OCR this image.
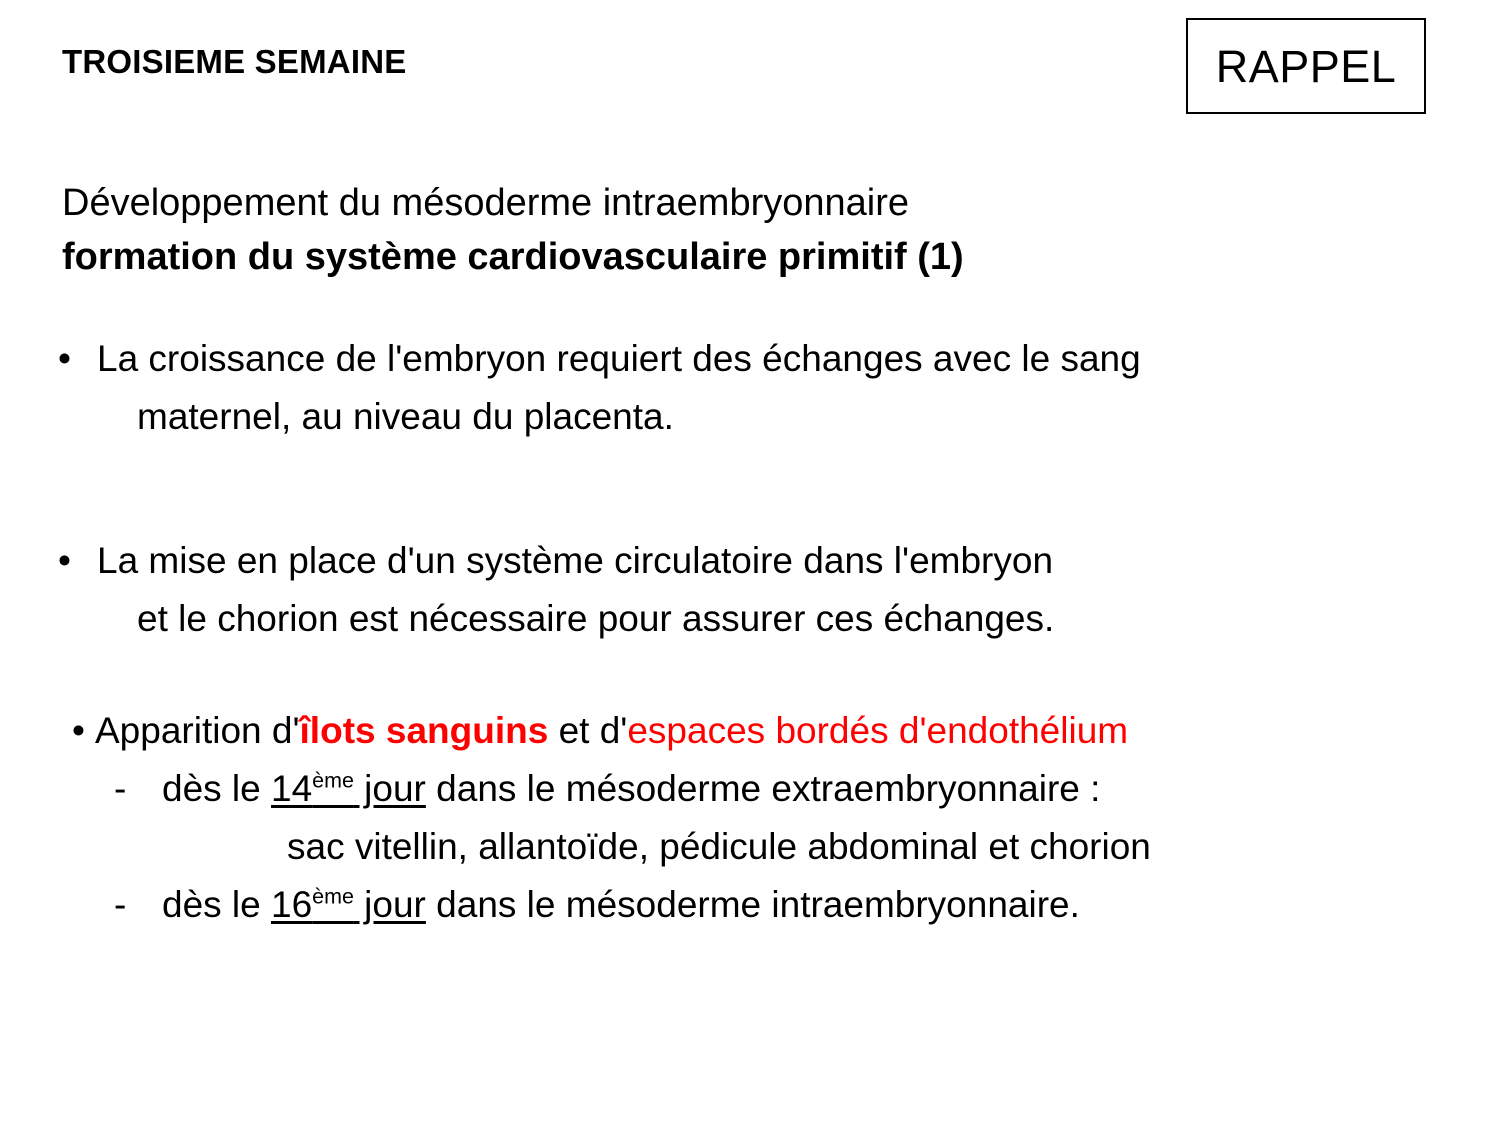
TROISIEME SEMAINE	RAPPEL
Développement du mésoderme intraembryonnaire
formation du système cardiovasculaire primitif (1)
• La croissance de l'embryon requiert des échanges avec le sang
maternel, au niveau du placenta.
• La mise en place d'un système circulatoire dans l'embryon
et le chorion est nécessaire pour assurer ces échanges.
• Apparition d'îlots sanguins et d'espaces bordés d'endothélium
- dès le 14ème jour dans le mésoderme extraembryonnaire :
sac vitellin, allantoïde, pédicule abdominal et chorion
- dès le 16ème jour dans le mésoderme intraembryonnaire.
